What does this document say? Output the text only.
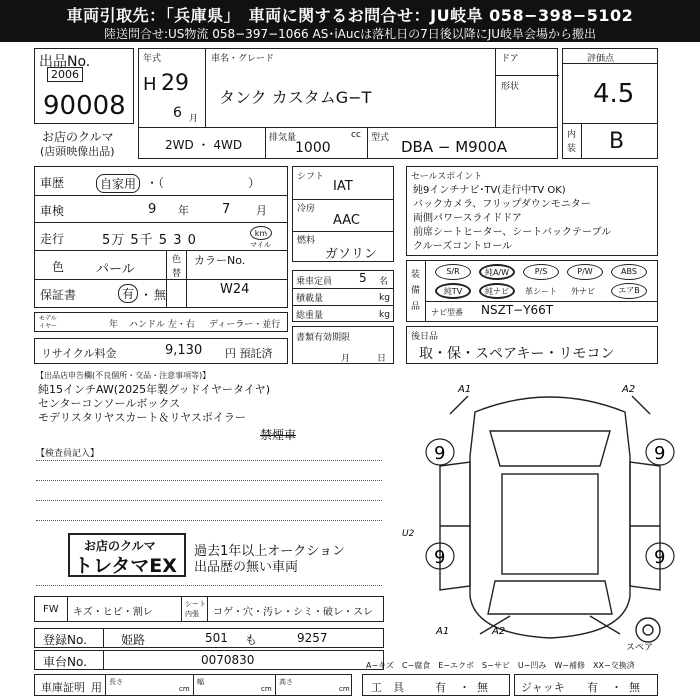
車両引取先：「兵庫県」　車両に関するお問合せ：JU岐阜 058−398−5102
陸送問合せ:US物流 058−397−1066 AS･iAucは落札日の7日後以降にJU岐阜会場から搬出
出品No.
2006
90008
お店のクルマ
(店頭映像出品)
年式
H 29
6 月
車名・グレード
タンク カスタムG−T
ドア
形状
2WD ・ 4WD	排気量	cc
1000
型式 DBA − M900A
評価点
4.5
内
装 B
車歴	自家用 ・（　　　　　　　）
車検	9 年	7 月
走行	5万 5千 5 3 0	km
マイル
色 パール
色
替
カラーNo.
W24
保証書	有 ・ 無
モデル
イヤー	年 ハンドル 左・右 ディーラー・並行
リサイクル料金	9,130 円 預託済
シフト
IAT
冷房
AAC
燃料
ガソリン
乗車定員 5 名
積載量	kg
総重量	kg
書類有効期限
月	日
セールスポイント
純9インチナビ･TV(走行中TV OK)
バックカメラ、フリップダウンモニター
両側パワースライドドア
前席シートヒーター、シートバックテーブル
クルーズコントロール
装
備
品
S/R	純A/W	P/S	P/W	ABS
純TV	純ナビ	革シート 外ナビ	エアB
ナビ型番 NSZT−Y66T
後日品
取・保・スペアキー・リモコン
【出品店申告欄(不良個所・交品・注意事項等)】
純15インチAW(2025年製グッドイヤータイヤ)
センターコンソールボックス
モデリスタリヤスカート＆リヤスポイラー
禁煙車
【検査員記入】
お店のクルマ
トレタマEX
過去1年以上オークション
出品歴の無い車両
9	9
9	9
A1	A2
U2
A1	A2
スペア
FW キズ・ヒビ・割レ
シート
内張 コゲ・穴・汚レ・シミ・破レ・スレ
登録No.	姫路	501 も	9257
車台No.	0070830	A−キズ　C−腐食　E−エクボ　S−サビ　U−凹み　W−補修　XX−交換済
車庫証明 用 長さ
cm
幅
cm
高さ
cm 工　具	有 ・ 無	ジャッキ 有 ・ 無
